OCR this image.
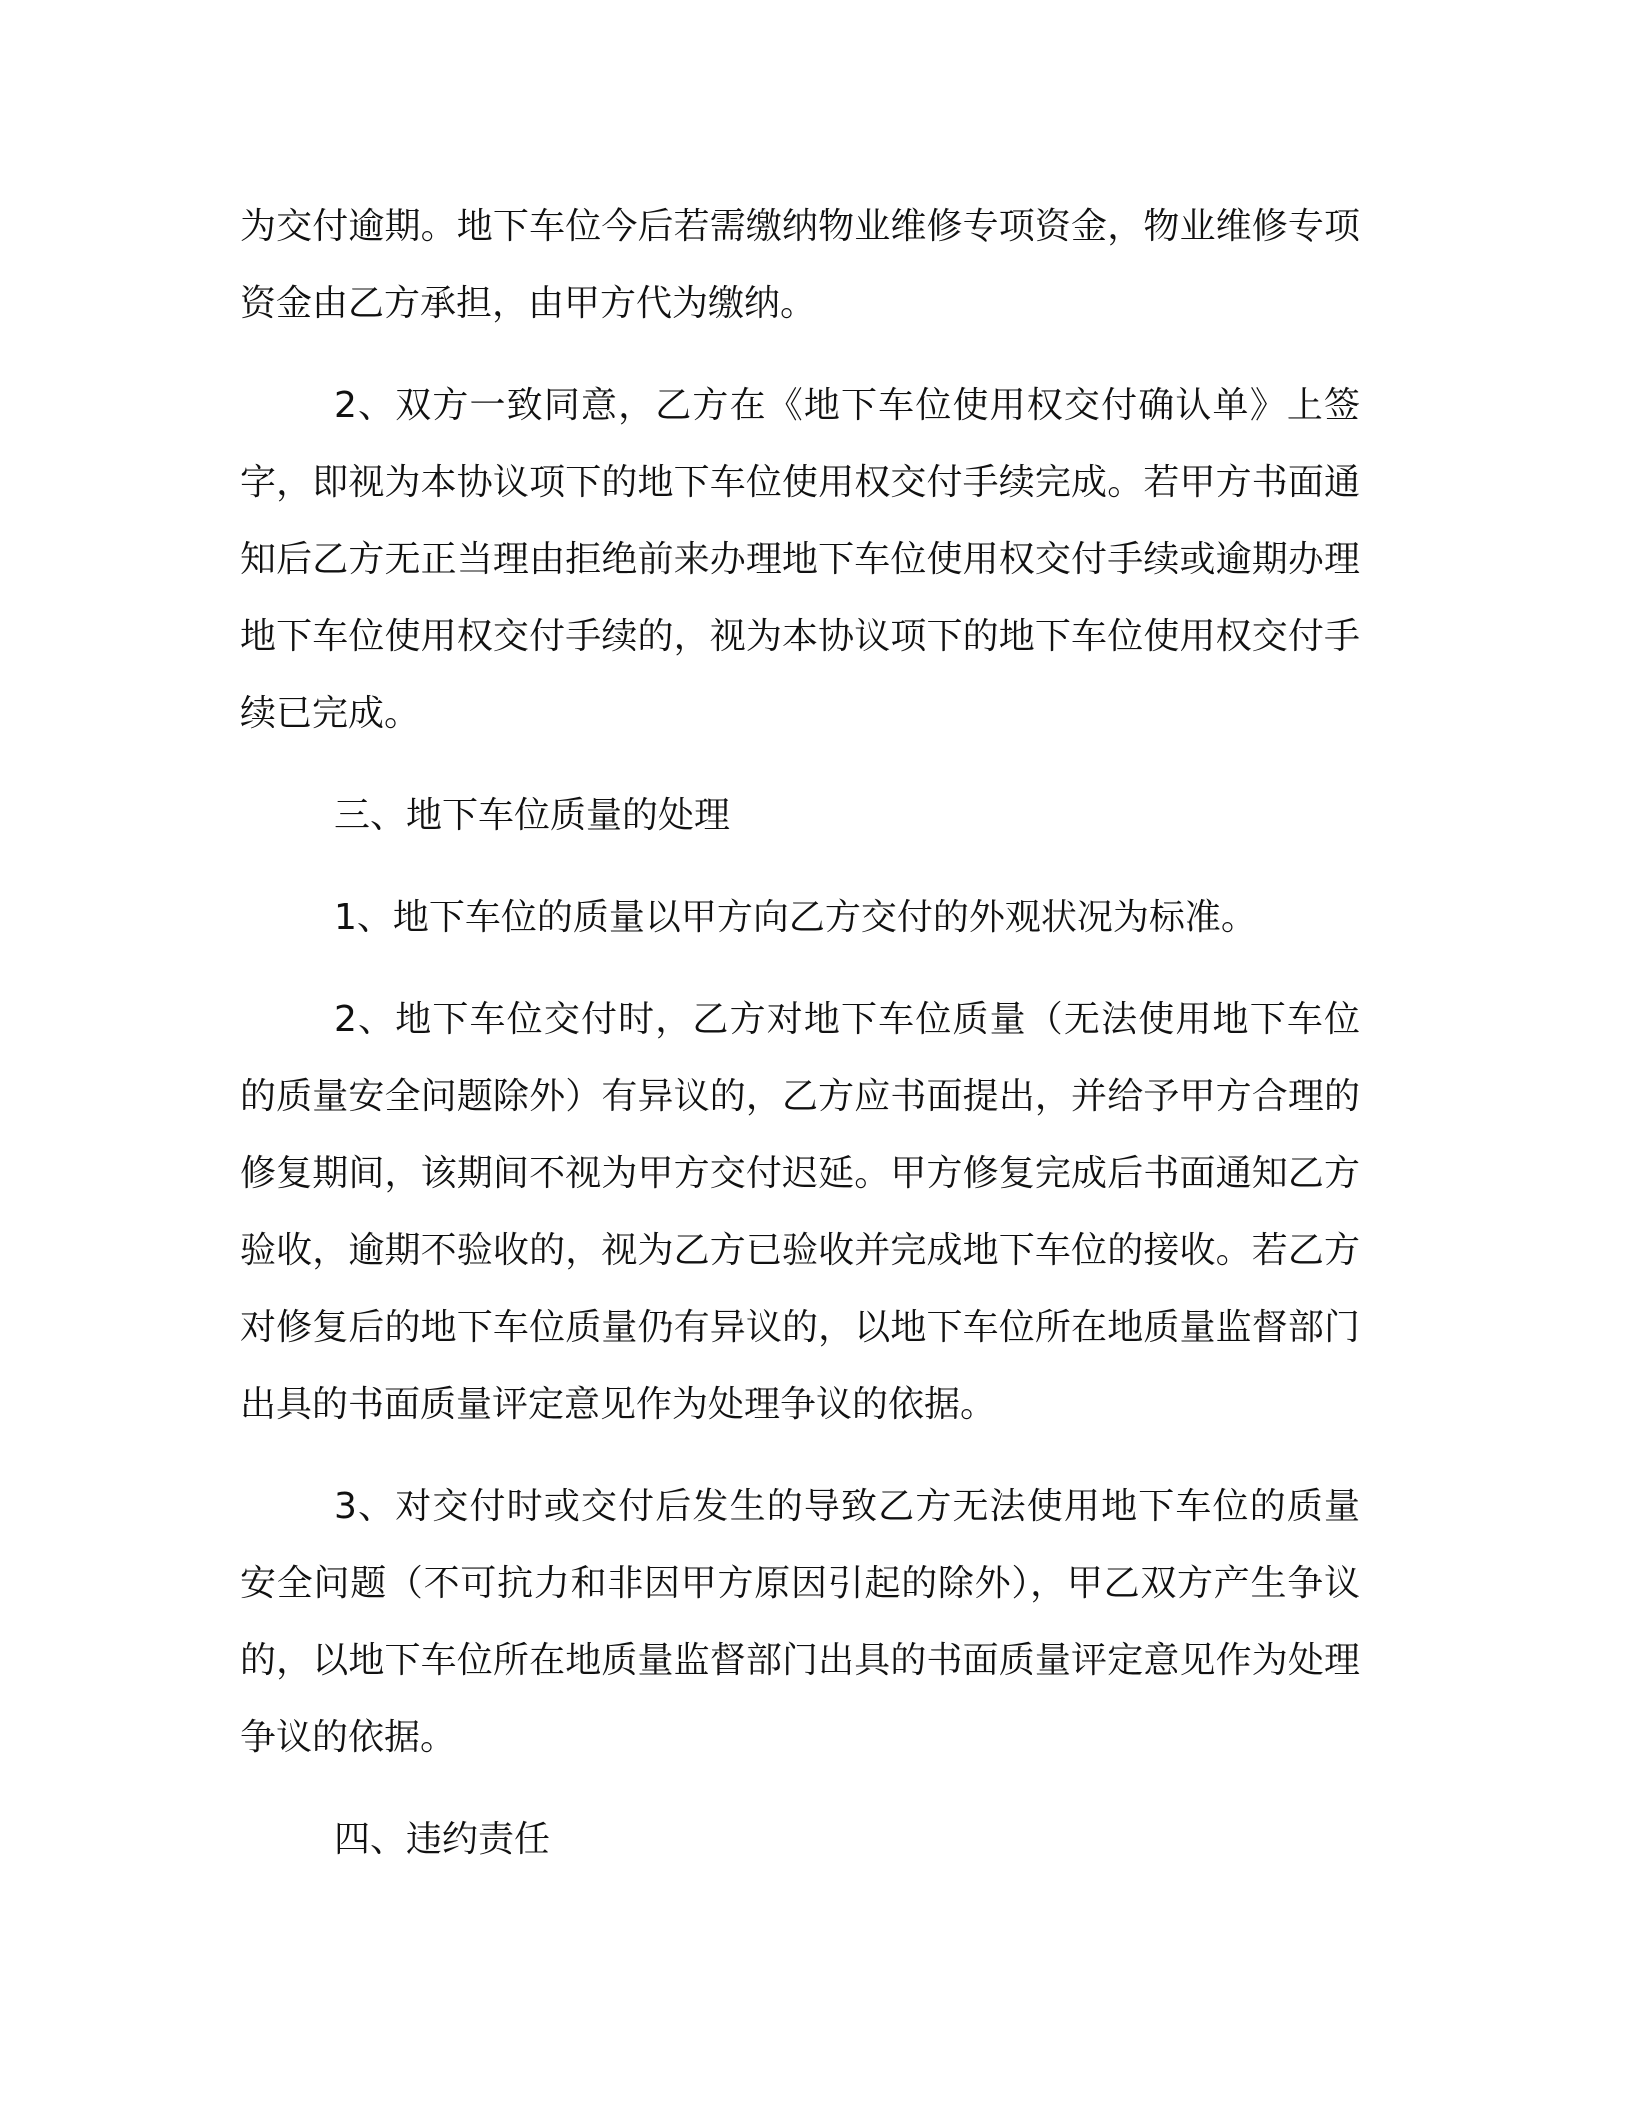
为交付逾期。地下车位今后若需缴纳物业维修专项资金，物业维修专项资金由乙方承担，由甲方代为缴纳。

2、双方一致同意，乙方在《地下车位使用权交付确认单》上签字，即视为本协议项下的地下车位使用权交付手续完成。若甲方书面通知后乙方无正当理由拒绝前来办理地下车位使用权交付手续或逾期办理地下车位使用权交付手续的，视为本协议项下的地下车位使用权交付手续已完成。

三、地下车位质量的处理

1、地下车位的质量以甲方向乙方交付的外观状况为标准。

2、地下车位交付时，乙方对地下车位质量（无法使用地下车位的质量安全问题除外）有异议的，乙方应书面提出，并给予甲方合理的修复期间，该期间不视为甲方交付迟延。甲方修复完成后书面通知乙方验收，逾期不验收的，视为乙方已验收并完成地下车位的接收。若乙方对修复后的地下车位质量仍有异议的，以地下车位所在地质量监督部门出具的书面质量评定意见作为处理争议的依据。

3、对交付时或交付后发生的导致乙方无法使用地下车位的质量安全问题（不可抗力和非因甲方原因引起的除外），甲乙双方产生争议的，以地下车位所在地质量监督部门出具的书面质量评定意见作为处理争议的依据。

四、违约责任
